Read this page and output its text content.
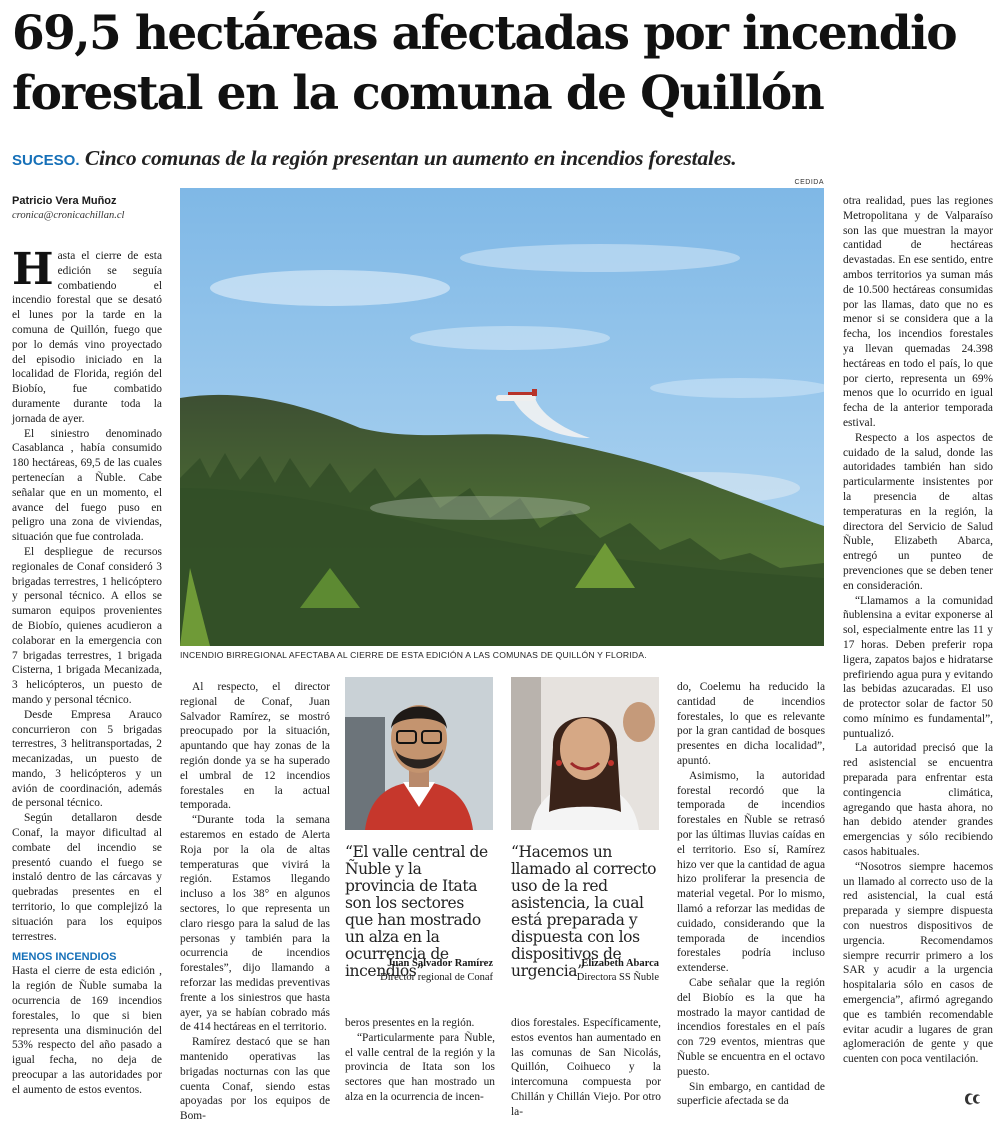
69,5 hectáreas afectadas por incendio
forestal en la comuna de Quillón
SUCESO. Cinco comunas de la región presentan un aumento en incendios forestales.
Patricio Vera Muñoz
cronica@cronicachillan.cl

Hasta el cierre de esta edición se seguía combatiendo el incendio forestal que se desató el lunes por la tarde en la comuna de Quillón, fuego que por lo demás vino proyectado del episodio iniciado en la localidad de Florida, región del Biobío, fue combatido duramente durante toda la jornada de ayer.

El siniestro denominado Casablanca , había consumido 180 hectáreas, 69,5 de las cuales pertenecían a Ñuble. Cabe señalar que en un momento, el avance del fuego puso en peligro una zona de viviendas, situación que fue controlada.

El despliegue de recursos regionales de Conaf consideró 3 brigadas terrestres, 1 helicóptero y personal técnico. A ellos se sumaron equipos provenientes de Biobío, quienes acudieron a colaborar en la emergencia con 7 brigadas terrestres, 1 brigada Cisterna, 1 brigada Mecanizada, 3 helicópteros, un puesto de mando y personal técnico.

Desde Empresa Arauco concurrieron con 5 brigadas terrestres, 3 helitransportadas, 2 mecanizadas, un puesto de mando, 3 helicópteros y un avión de coordinación, además de personal técnico.

Según detallaron desde Conaf, la mayor dificultad al combate del incendio se presentó cuando el fuego se instaló dentro de las cárcavas y quebradas presentes en el territorio, lo que complejizó la situación para los equipos terrestres.

MENOS INCENDIOS

Hasta el cierre de esta edición , la región de Ñuble sumaba la ocurrencia de 169 incendios forestales, lo que si bien representa una disminución del 53% respecto del año pasado a igual fecha, no deja de preocupar a las autoridades por el aumento de estos eventos.

CEDIDA
INCENDIO BIRREGIONAL AFECTABA AL CIERRE DE ESTA EDICIÓN A LAS COMUNAS DE QUILLÓN Y FLORIDA.

Al respecto, el director regional de Conaf, Juan Salvador Ramírez, se mostró preocupado por la situación, apuntando que hay zonas de la región donde ya se ha superado el umbral de 12 incendios forestales en la actual temporada.

“Durante toda la semana estaremos en estado de Alerta Roja por la ola de altas temperaturas que vivirá la región. Estamos llegando incluso a los 38° en algunos sectores, lo que representa un claro riesgo para la salud de las personas y también para la ocurrencia de incendios forestales”, dijo llamando a reforzar las medidas preventivas frente a los siniestros que hasta ayer, ya se habían cobrado más de 414 hectáreas en el territorio.

Ramírez destacó que se han mantenido operativas las brigadas nocturnas con las que cuenta Conaf, siendo estas apoyadas por los equipos de Bom-

“El valle central de Ñuble y la provincia de Itata son los sectores que han mostrado un alza en la ocurrencia de incendios”
Juan Salvador Ramírez
Director regional de Conaf
“Hacemos un llamado al correcto uso de la red asistencia, la cual está preparada y dispuesta con los dispositivos de urgencia”
Elizabeth Abarca
Directora SS Ñuble

beros presentes en la región.

“Particularmente para Ñuble, el valle central de la región y la provincia de Itata son los sectores que han mostrado un alza en la ocurrencia de incen-

dios forestales. Específicamente, estos eventos han aumentado en las comunas de San Nicolás, Quillón, Coihueco y la intercomuna compuesta por Chillán y Chillán Viejo. Por otro la-

do, Coelemu ha reducido la cantidad de incendios forestales, lo que es relevante por la gran cantidad de bosques presentes en dicha localidad”, apuntó.

Asimismo, la autoridad forestal recordó que la temporada de incendios forestales en Ñuble se retrasó por las últimas lluvias caídas en el territorio. Eso sí, Ramírez hizo ver que la cantidad de agua hizo proliferar la presencia de material vegetal. Por lo mismo, llamó a reforzar las medidas de cuidado, considerando que la temporada de incendios forestales podría incluso extenderse.

Cabe señalar que la región del Biobío es la que ha mostrado la mayor cantidad de incendios forestales en el país con 729 eventos, mientras que Ñuble se encuentra en el octavo puesto.

Sin embargo, en cantidad de superficie afectada se da

otra realidad, pues las regiones Metropolitana y de Valparaíso son las que muestran la mayor cantidad de hectáreas devastadas. En ese sentido, entre ambos territorios ya suman más de 10.500 hectáreas consumidas por las llamas, dato que no es menor si se considera que a la fecha, los incendios forestales ya llevan quemadas 24.398 hectáreas en todo el país, lo que por cierto, representa un 69% menos que lo ocurrido en igual fecha de la anterior temporada estival.

Respecto a los aspectos de cuidado de la salud, donde las autoridades también han sido particularmente insistentes por la presencia de altas temperaturas en la región, la directora del Servicio de Salud Ñuble, Elizabeth Abarca, entregó un punteo de prevenciones que se deben tener en consideración.

“Llamamos a la comunidad ñublensina a evitar exponerse al sol, especialmente entre las 11 y 17 horas. Deben preferir ropa ligera, zapatos bajos e hidratarse prefiriendo agua pura y evitando las bebidas azucaradas. El uso de protector solar de factor 50 como mínimo es fundamental”, puntualizó.

La autoridad precisó que la red asistencial se encuentra preparada para enfrentar esta contingencia climática, agregando que hasta ahora, no han debido atender grandes emergencias y sólo recibiendo casos habituales.

“Nosotros siempre hacemos un llamado al correcto uso de la red asistencial, la cual está preparada y siempre dispuesta con nuestros dispositivos de urgencia. Recomendamos siempre recurrir primero a los SAR y acudir a la urgencia hospitalaria sólo en casos de emergencia”, afirmó agregando que es también recomendable evitar acudir a lugares de gran aglomeración de gente y que cuenten con poca ventilación.
